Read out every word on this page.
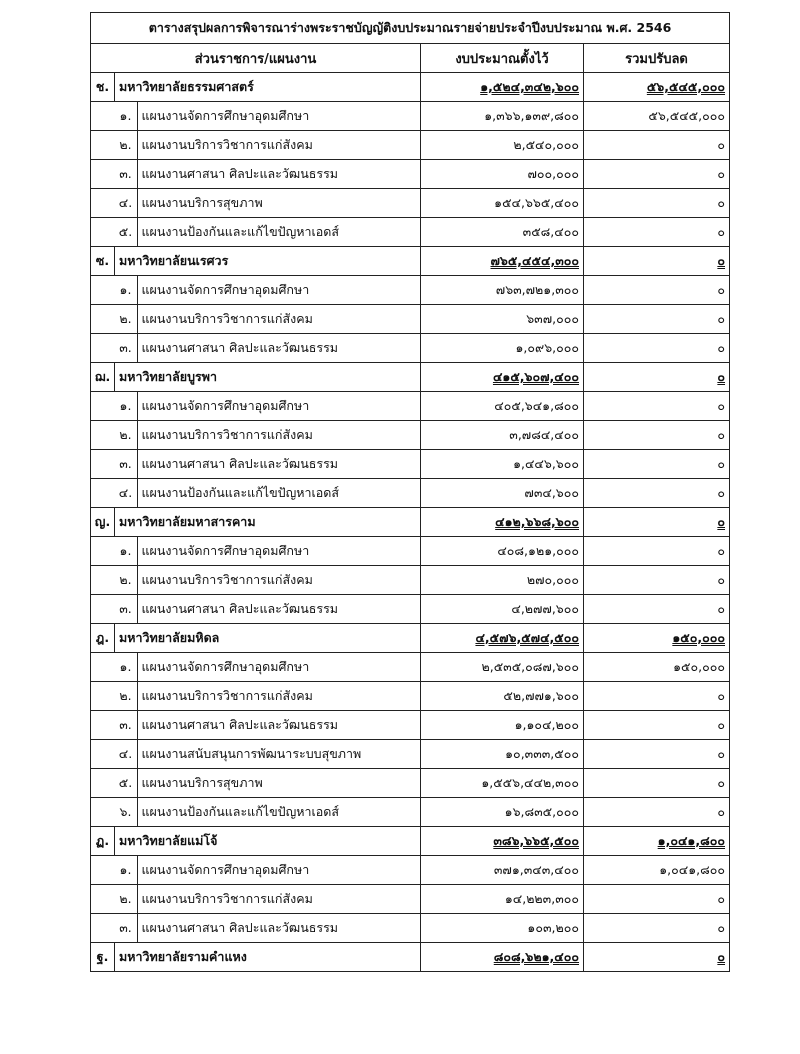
ตารางสรุปผลการพิจารณาร่างพระราชบัญญัติงบประมาณรายจ่ายประจำปีงบประมาณ พ.ศ. 2546			
ส่วนราชการ/แผนงาน		งบประมาณตั้งไว้	รวมปรับลด
ช.	มหาวิทยาลัยธรรมศาสตร์	๑,๕๒๔,๓๔๒,๖๐๐	๕๖,๕๔๕,๐๐๐
	๑. แผนงานจัดการศึกษาอุดมศึกษา	๑,๓๖๖,๑๓๙,๘๐๐	๕๖,๕๔๕,๐๐๐
	๒. แผนงานบริการวิชาการแก่สังคม	๒,๕๔๐,๐๐๐	๐
	๓. แผนงานศาสนา ศิลปะและวัฒนธรรม	๗๐๐,๐๐๐	๐
	๔. แผนงานบริการสุขภาพ	๑๕๔,๖๖๕,๔๐๐	๐
	๕. แผนงานป้องกันและแก้ไขปัญหาเอดส์	๓๕๘,๔๐๐	๐
ซ.	มหาวิทยาลัยนเรศวร	๗๖๕,๔๕๔,๓๐๐	๐
	๑. แผนงานจัดการศึกษาอุดมศึกษา	๗๖๓,๗๒๑,๓๐๐	๐
	๒. แผนงานบริการวิชาการแก่สังคม	๖๓๗,๐๐๐	๐
	๓. แผนงานศาสนา ศิลปะและวัฒนธรรม	๑,๐๙๖,๐๐๐	๐
ฌ.	มหาวิทยาลัยบูรพา	๔๑๕,๖๐๗,๔๐๐	๐
	๑. แผนงานจัดการศึกษาอุดมศึกษา	๔๐๕,๖๔๑,๘๐๐	๐
	๒. แผนงานบริการวิชาการแก่สังคม	๓,๗๘๔,๔๐๐	๐
	๓. แผนงานศาสนา ศิลปะและวัฒนธรรม	๑,๔๔๖,๖๐๐	๐
	๔. แผนงานป้องกันและแก้ไขปัญหาเอดส์	๗๓๔,๖๐๐	๐
ญ.	มหาวิทยาลัยมหาสารคาม	๔๑๒,๖๖๘,๖๐๐	๐
	๑. แผนงานจัดการศึกษาอุดมศึกษา	๔๐๘,๑๒๑,๐๐๐	๐
	๒. แผนงานบริการวิชาการแก่สังคม	๒๗๐,๐๐๐	๐
	๓. แผนงานศาสนา ศิลปะและวัฒนธรรม	๔,๒๗๗,๖๐๐	๐
ฎ.	มหาวิทยาลัยมหิดล	๔,๕๗๖,๕๗๔,๕๐๐	๑๕๐,๐๐๐
	๑. แผนงานจัดการศึกษาอุดมศึกษา	๒,๕๓๕,๐๘๗,๖๐๐	๑๕๐,๐๐๐
	๒. แผนงานบริการวิชาการแก่สังคม	๕๒,๗๗๑,๖๐๐	๐
	๓. แผนงานศาสนา ศิลปะและวัฒนธรรม	๑,๑๐๔,๒๐๐	๐
	๔. แผนงานสนับสนุนการพัฒนาระบบสุขภาพ	๑๐,๓๓๓,๕๐๐	๐
	๕. แผนงานบริการสุขภาพ	๑,๕๕๖,๔๔๒,๓๐๐	๐
	๖. แผนงานป้องกันและแก้ไขปัญหาเอดส์	๑๖,๘๓๕,๐๐๐	๐
ฏ.	มหาวิทยาลัยแม่โจ้	๓๘๖,๖๖๕,๕๐๐	๑,๐๔๑,๘๐๐
	๑. แผนงานจัดการศึกษาอุดมศึกษา	๓๗๑,๓๔๓,๔๐๐	๑,๐๔๑,๘๐๐
	๒. แผนงานบริการวิชาการแก่สังคม	๑๔,๒๒๓,๓๐๐	๐
	๓. แผนงานศาสนา ศิลปะและวัฒนธรรม	๑๐๓,๒๐๐	๐
ฐ.	มหาวิทยาลัยรามคำแหง	๘๐๘,๖๒๑,๔๐๐	๐
